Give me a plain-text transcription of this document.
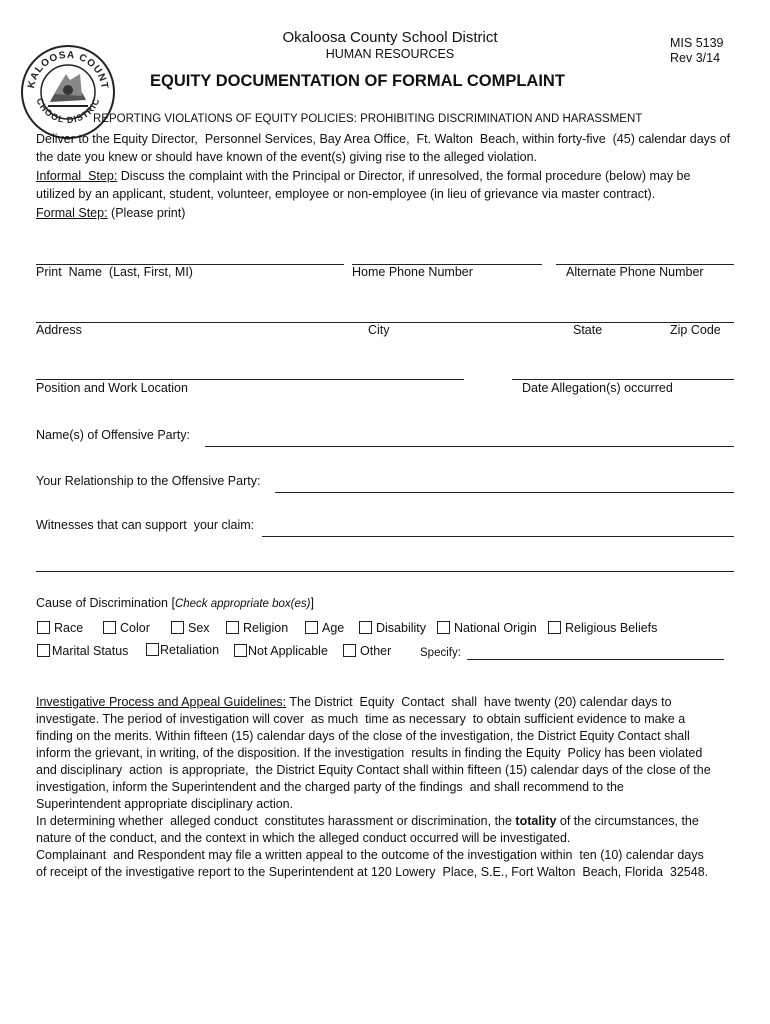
KALOOSA COUNT
CHOOL DISTRIC
Okaloosa County School District
HUMAN RESOURCES
MIS 5139
Rev 3/14
EQUITY DOCUMENTATION OF FORMAL COMPLAINT
REPORTING VIOLATIONS OF EQUITY POLICIES: PROHIBITING DISCRIMINATION AND HARASSMENT
Deliver to the Equity Director,  Personnel Services, Bay Area Office,  Ft. Walton  Beach, within forty-five  (45) calendar days of
the date you knew or should have known of the event(s) giving rise to the alleged violation.
Informal  Step: Discuss the complaint with the Principal or Director, if unresolved, the formal procedure (below) may be
utilized by an applicant, student, volunteer, employee or non-employee (in lieu of grievance via master contract).
Formal Step: (Please print)
Print  Name  (Last, First, MI)	Home Phone Number	Alternate Phone Number
Address	City	State	Zip Code
Position and Work Location	Date Allegation(s) occurred
Name(s) of Offensive Party:
Your Relationship to the Offensive Party:
Witnesses that can support  your claim:
Cause of Discrimination [Check appropriate box(es)]
Race	Color	Sex	Religion	Age	Disability National Origin Religious Beliefs
Marital Status	Retaliation Not Applicable	Other Specify:

Investigative Process and Appeal Guidelines: The District  Equity  Contact  shall  have twenty (20) calendar days to

investigate. The period of investigation will cover  as much  time as necessary  to obtain sufficient evidence to make a

finding on the merits. Within fifteen (15) calendar days of the close of the investigation, the District Equity Contact shall

inform the grievant, in writing, of the disposition. If the investigation  results in finding the Equity  Policy has been violated

and disciplinary  action  is appropriate,  the District Equity Contact shall within fifteen (15) calendar days of the close of the

investigation, inform the Superintendent and the charged party of the findings  and shall recommend to the

Superintendent appropriate disciplinary action.

In determining whether  alleged conduct  constitutes harassment or discrimination, the totality of the circumstances, the

nature of the conduct, and the context in which the alleged conduct occurred will be investigated.

Complainant  and Respondent may file a written appeal to the outcome of the investigation within  ten (10) calendar days

of receipt of the investigative report to the Superintendent at 120 Lowery  Place, S.E., Fort Walton  Beach, Florida  32548.
